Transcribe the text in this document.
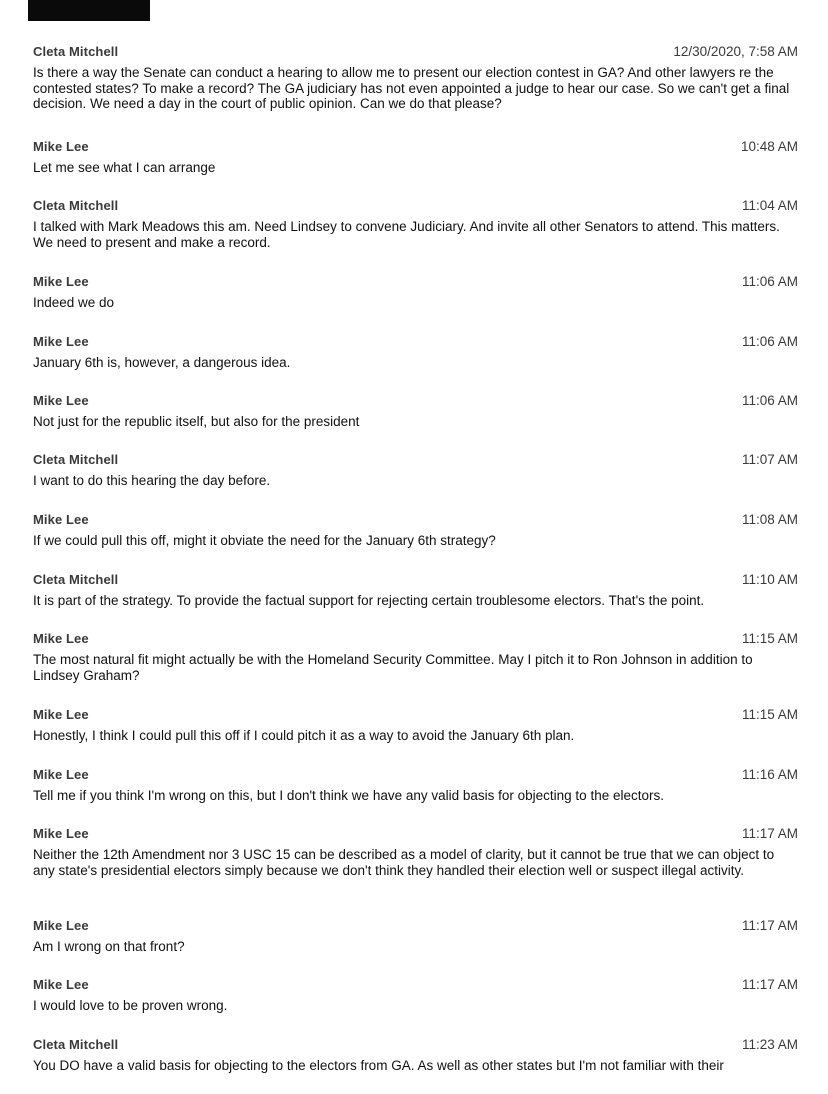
Cleta Mitchell	12/30/2020, 7:58 AM
Is there a way the Senate can conduct a hearing to allow me to present our election contest in GA? And other lawyers re the contested states? To make a record? The GA judiciary has not even appointed a judge to hear our case. So we can't get a final decision. We need a day in the court of public opinion. Can we do that please?
Mike Lee	10:48 AM
Let me see what I can arrange
Cleta Mitchell	11:04 AM
I talked with Mark Meadows this am. Need Lindsey to convene Judiciary. And invite all other Senators to attend. This matters. We need to present and make a record.
Mike Lee	11:06 AM
Indeed we do
Mike Lee	11:06 AM
January 6th is, however, a dangerous idea.
Mike Lee	11:06 AM
Not just for the republic itself, but also for the president
Cleta Mitchell	11:07 AM
I want to do this hearing the day before.
Mike Lee	11:08 AM
If we could pull this off, might it obviate the need for the January 6th strategy?
Cleta Mitchell	11:10 AM
It is part of the strategy. To provide the factual support for rejecting certain troublesome electors. That's the point.
Mike Lee	11:15 AM
The most natural fit might actually be with the Homeland Security Committee. May I pitch it to Ron Johnson in addition to Lindsey Graham?
Mike Lee	11:15 AM
Honestly, I think I could pull this off if I could pitch it as a way to avoid the January 6th plan.
Mike Lee	11:16 AM
Tell me if you think I'm wrong on this, but I don't think we have any valid basis for objecting to the electors.
Mike Lee	11:17 AM
Neither the 12th Amendment nor 3 USC 15 can be described as a model of clarity, but it cannot be true that we can object to any state's presidential electors simply because we don't think they handled their election well or suspect illegal activity.
Mike Lee	11:17 AM
Am I wrong on that front?
Mike Lee	11:17 AM
I would love to be proven wrong.
Cleta Mitchell	11:23 AM
You DO have a valid basis for objecting to the electors from GA. As well as other states but I'm not familiar with their
